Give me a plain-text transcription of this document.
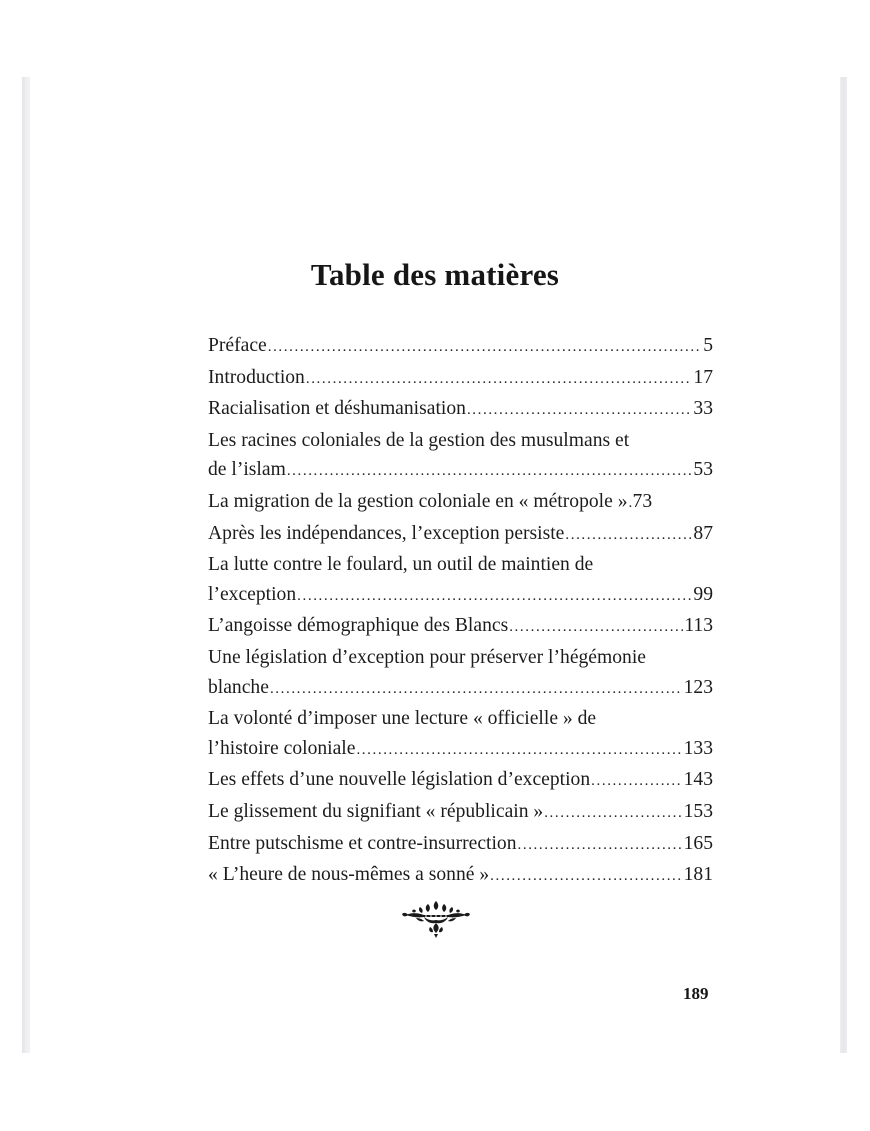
Table des matières
Préface .....	5
Introduction .....	17
Racialisation et déshumanisation .....	33
Les racines coloniales de la gestion des musulmans et
de l’islam .....	53
La migration de la gestion coloniale en « métropole » ..... 73
Après les indépendances, l’exception persiste .....	87
La lutte contre le foulard, un outil de maintien de
l’exception .....	99
L’angoisse démographique des Blancs .....	113
Une législation d’exception pour préserver l’hégémonie
blanche .....	123
La volonté d’imposer une lecture « officielle » de
l’histoire coloniale .....	133
Les effets d’une nouvelle législation d’exception .....	143
Le glissement du signifiant « républicain » .....	153
Entre putschisme et contre-insurrection .....	165
« L’heure de nous-mêmes a sonné » .....	181
189
